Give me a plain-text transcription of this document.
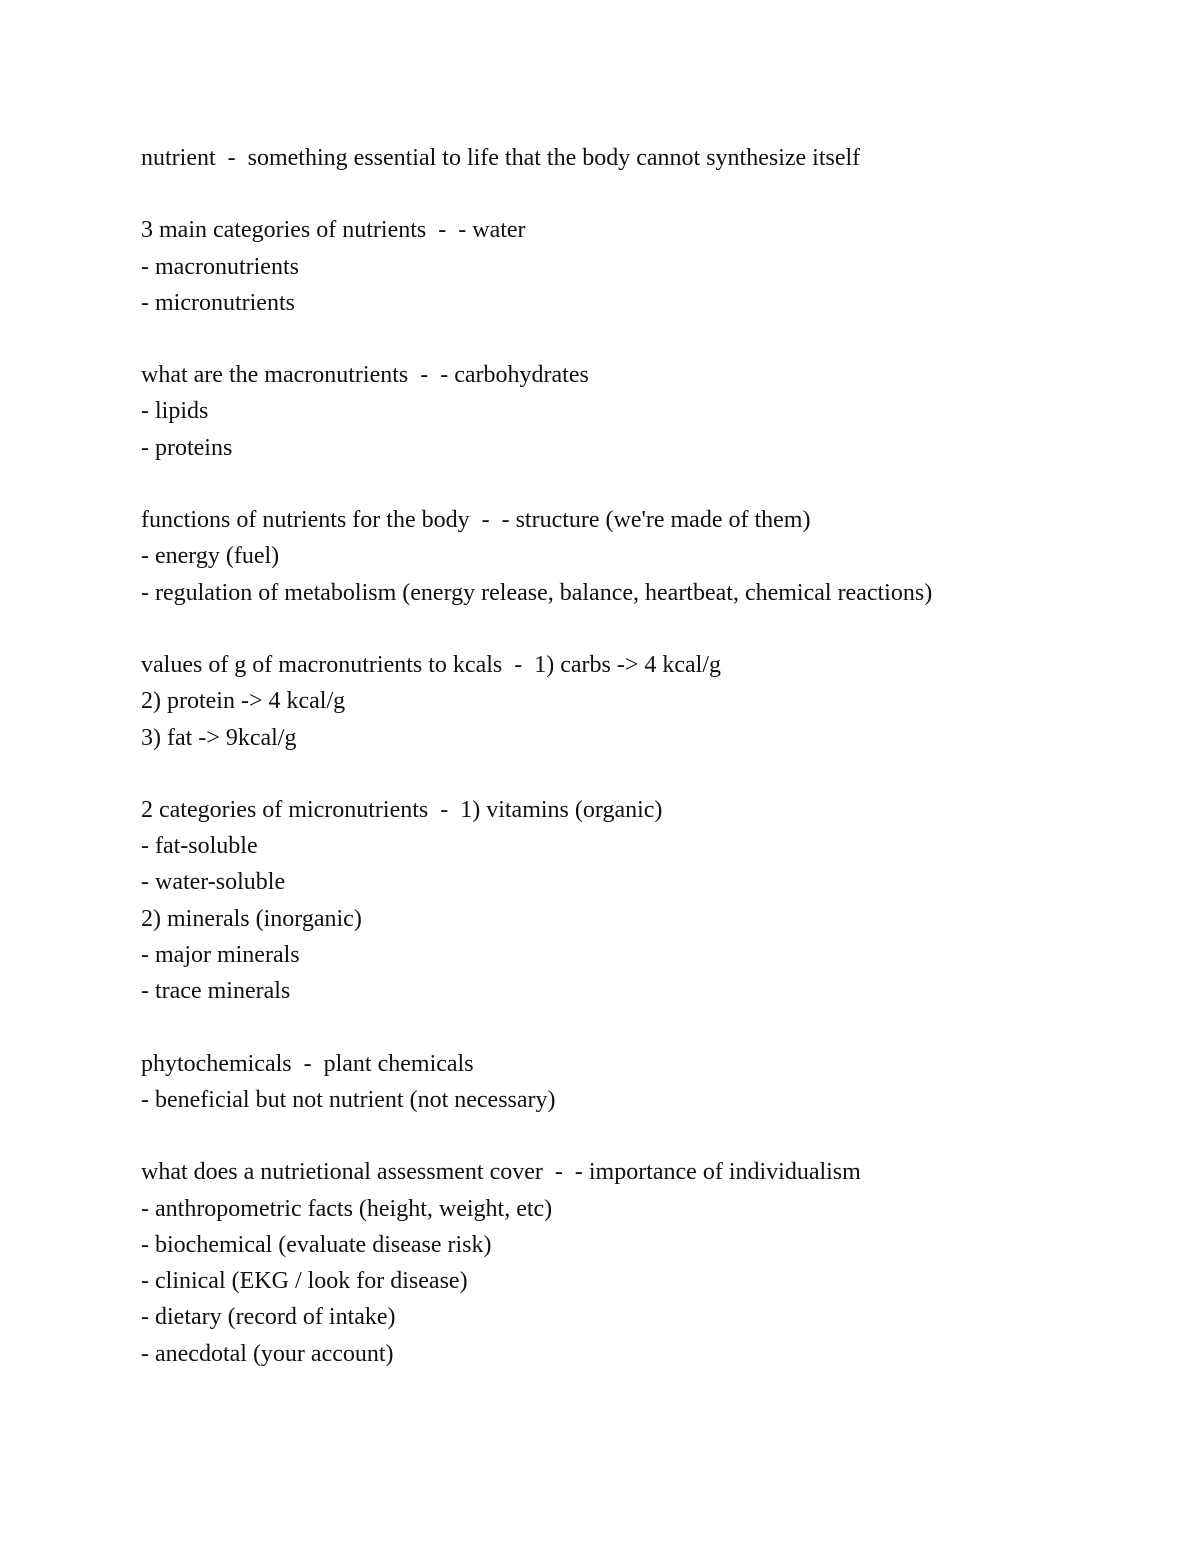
nutrient  -  something essential to life that the body cannot synthesize itself
3 main categories of nutrients  -  - water
- macronutrients
- micronutrients
what are the macronutrients  -  - carbohydrates
- lipids
- proteins
functions of nutrients for the body  -  - structure (we're made of them)
- energy (fuel)
- regulation of metabolism (energy release, balance, heartbeat, chemical reactions)
values of g of macronutrients to kcals  -  1) carbs -> 4 kcal/g
2) protein -> 4 kcal/g
3) fat -> 9kcal/g
2 categories of micronutrients  -  1) vitamins (organic)
- fat-soluble
- water-soluble
2) minerals (inorganic)
- major minerals
- trace minerals
phytochemicals  -  plant chemicals
- beneficial but not nutrient (not necessary)
what does a nutrietional assessment cover  -  - importance of individualism
- anthropometric facts (height, weight, etc)
- biochemical (evaluate disease risk)
- clinical (EKG / look for disease)
- dietary (record of intake)
- anecdotal (your account)
